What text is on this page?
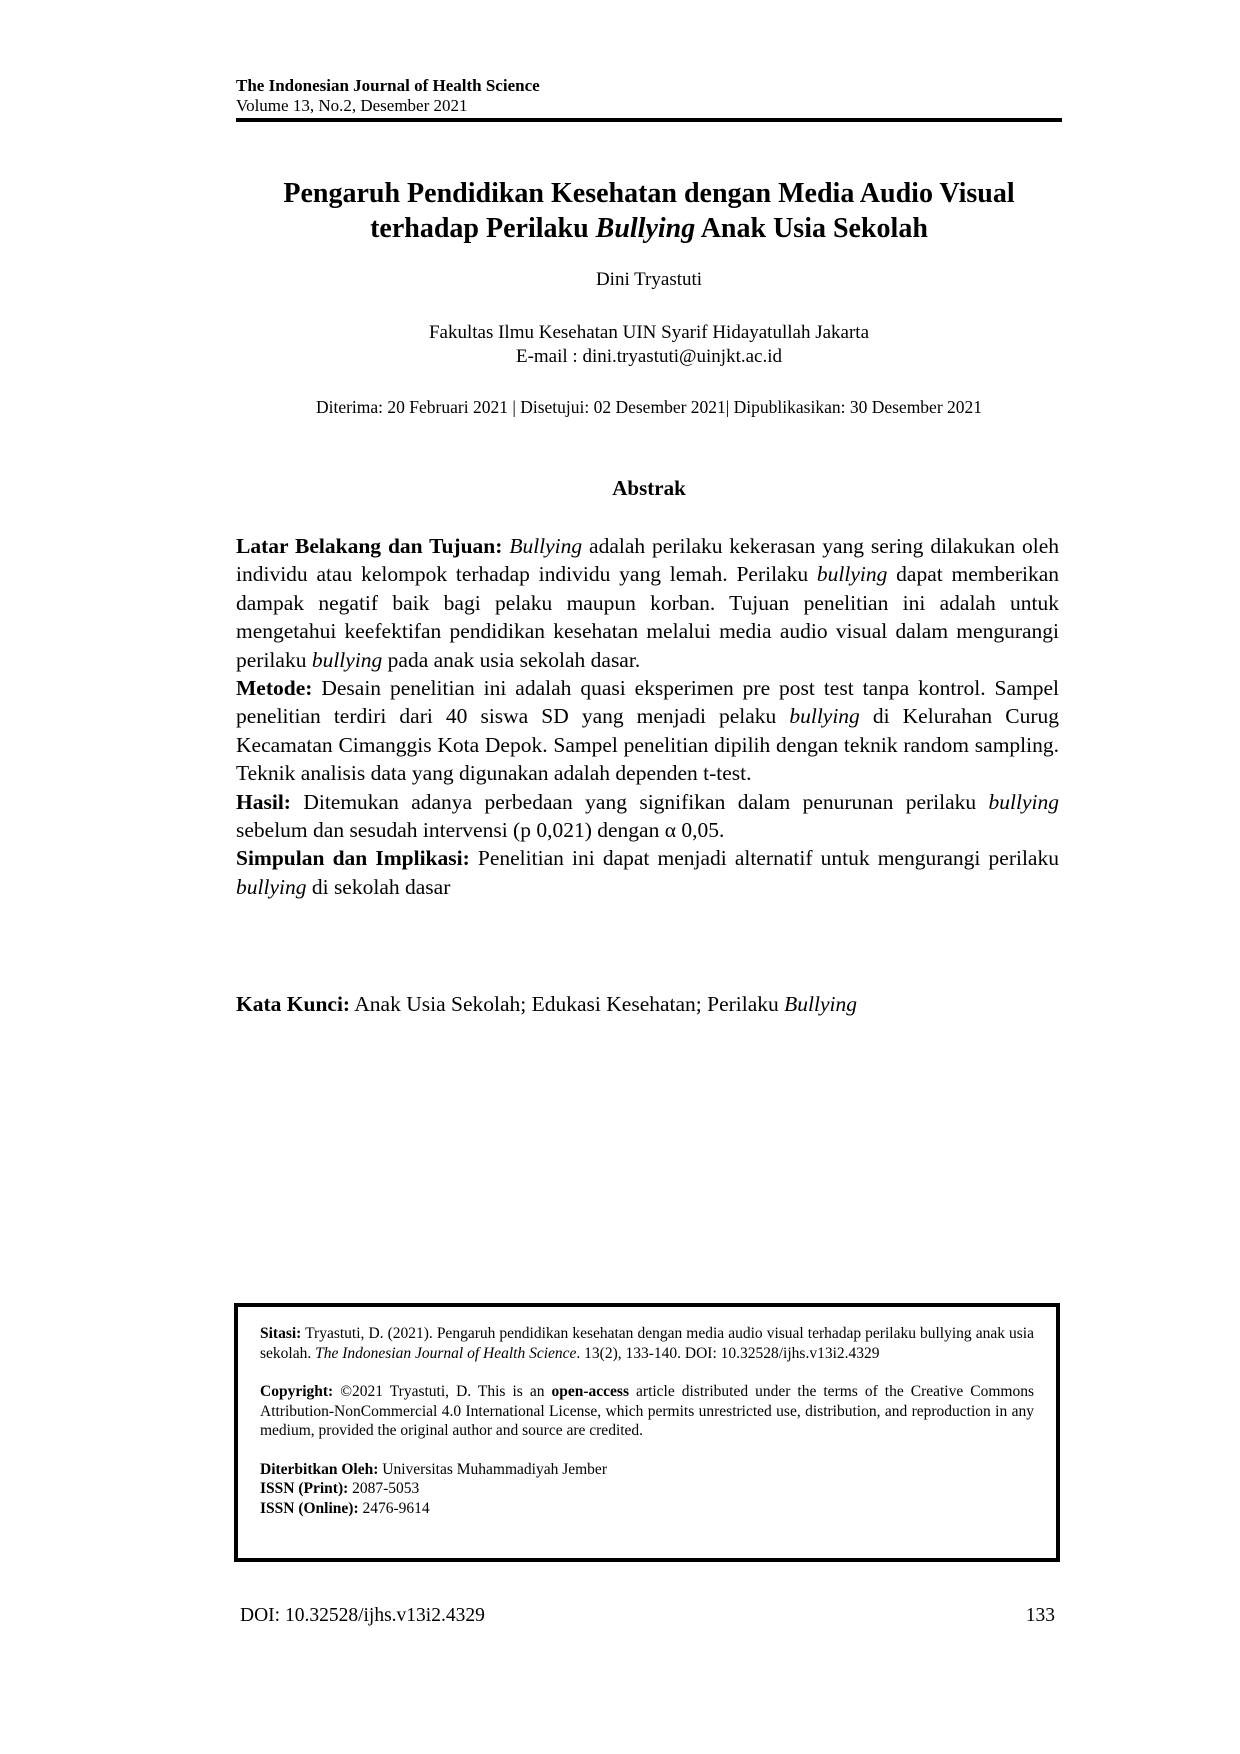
The Indonesian Journal of Health Science
Volume 13, No.2, Desember 2021
Pengaruh Pendidikan Kesehatan dengan Media Audio Visual
terhadap Perilaku Bullying Anak Usia Sekolah
Dini Tryastuti
Fakultas Ilmu Kesehatan UIN Syarif Hidayatullah Jakarta
E-mail : dini.tryastuti@uinjkt.ac.id
Diterima: 20 Februari 2021 | Disetujui: 02 Desember 2021| Dipublikasikan: 30 Desember 2021
Abstrak

Latar Belakang dan Tujuan: Bullying adalah perilaku kekerasan yang sering dilakukan oleh individu atau kelompok terhadap individu yang lemah. Perilaku bullying dapat memberikan dampak negatif baik bagi pelaku maupun korban. Tujuan penelitian ini adalah untuk mengetahui keefektifan pendidikan kesehatan melalui media audio visual dalam mengurangi perilaku bullying pada anak usia sekolah dasar.

Metode: Desain penelitian ini adalah quasi eksperimen pre post test tanpa kontrol. Sampel penelitian terdiri dari 40 siswa SD yang menjadi pelaku bullying di Kelurahan Curug Kecamatan Cimanggis Kota Depok. Sampel penelitian dipilih dengan teknik random sampling. Teknik analisis data yang digunakan adalah dependen t-test.

Hasil: Ditemukan adanya perbedaan yang signifikan dalam penurunan perilaku bullying sebelum dan sesudah intervensi (p 0,021) dengan α 0,05.

Simpulan dan Implikasi: Penelitian ini dapat menjadi alternatif untuk mengurangi perilaku bullying di sekolah dasar

Kata Kunci: Anak Usia Sekolah; Edukasi Kesehatan; Perilaku Bullying

Sitasi: Tryastuti, D. (2021). Pengaruh pendidikan kesehatan dengan media audio visual terhadap perilaku bullying anak usia sekolah. The Indonesian Journal of Health Science. 13(2), 133-140. DOI: 10.32528/ijhs.v13i2.4329

Copyright: ©2021 Tryastuti, D. This is an open-access article distributed under the terms of the Creative Commons Attribution-NonCommercial 4.0 International License, which permits unrestricted use, distribution, and reproduction in any medium, provided the original author and source are credited.

Diterbitkan Oleh: Universitas Muhammadiyah Jember

ISSN (Print): 2087-5053

ISSN (Online): 2476-9614

DOI: 10.32528/ijhs.v13i2.4329	133
